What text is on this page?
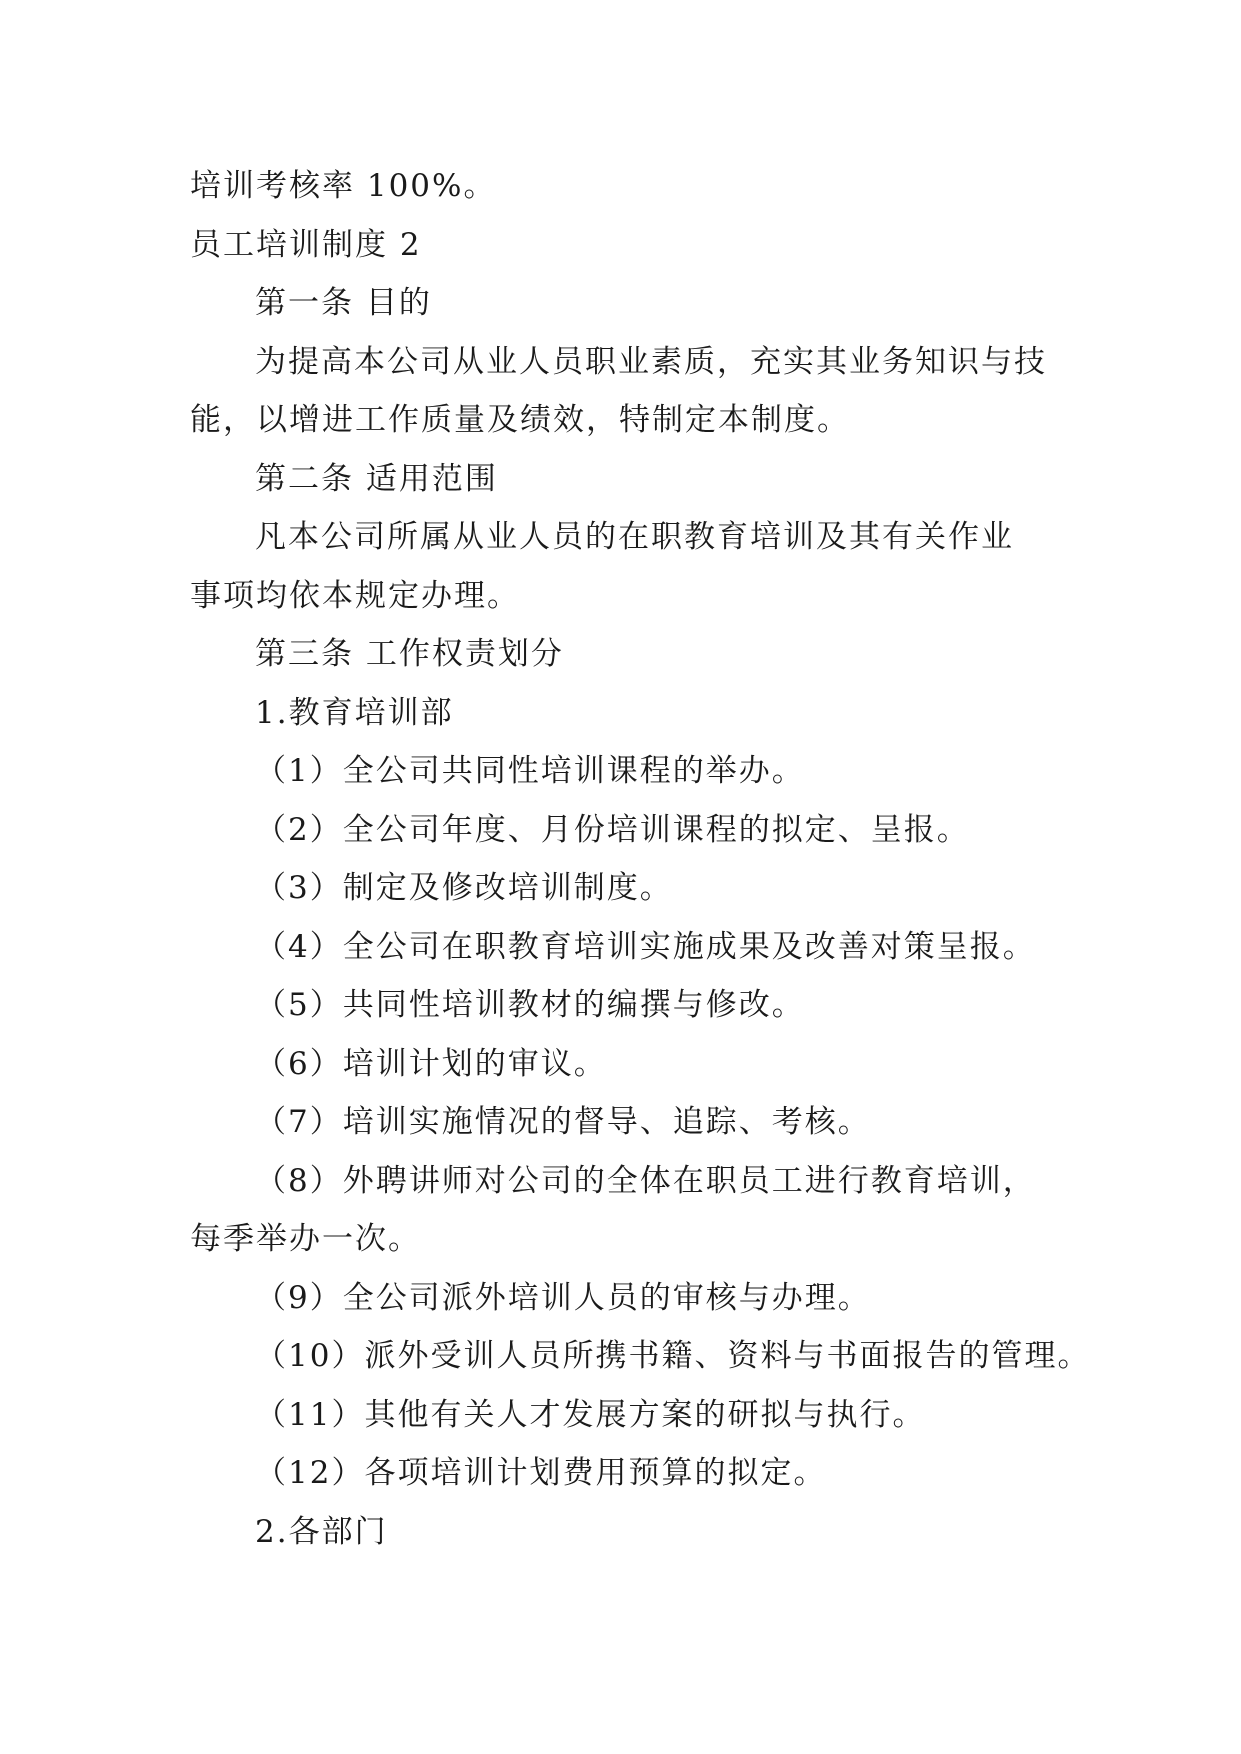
培训考核率 100%。

员工培训制度 2

第一条 目的

为提高本公司从业人员职业素质，充实其业务知识与技

能，以增进工作质量及绩效，特制定本制度。

第二条 适用范围

凡本公司所属从业人员的在职教育培训及其有关作业

事项均依本规定办理。

第三条 工作权责划分

1.教育培训部

（1）全公司共同性培训课程的举办。

（2）全公司年度、月份培训课程的拟定、呈报。

（3）制定及修改培训制度。

（4）全公司在职教育培训实施成果及改善对策呈报。

（5）共同性培训教材的编撰与修改。

（6）培训计划的审议。

（7）培训实施情况的督导、追踪、考核。

（8）外聘讲师对公司的全体在职员工进行教育培训，

每季举办一次。

（9）全公司派外培训人员的审核与办理。

（10）派外受训人员所携书籍、资料与书面报告的管理。

（11）其他有关人才发展方案的研拟与执行。

（12）各项培训计划费用预算的拟定。

2.各部门
